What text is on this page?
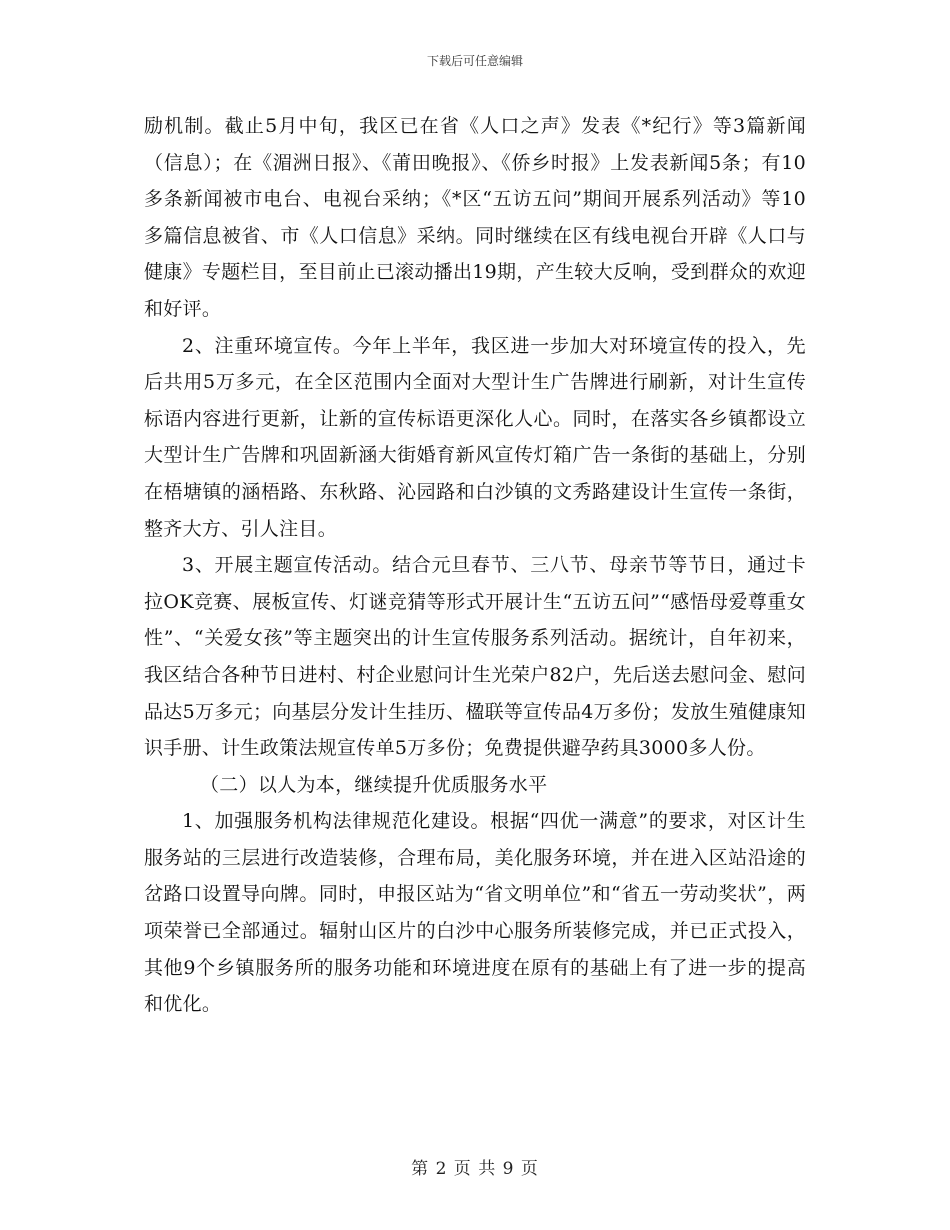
下载后可任意编辑

励机制。截止5月中旬，我区已在省《人口之声》发表《*纪行》等3篇新闻（信息）；在《湄洲日报》、《莆田晚报》、《侨乡时报》上发表新闻5条；有10多条新闻被市电台、电视台采纳；《*区“五访五问”期间开展系列活动》等10多篇信息被省、市《人口信息》采纳。同时继续在区有线电视台开辟《人口与健康》专题栏目，至目前止已滚动播出19期，产生较大反响，受到群众的欢迎和好评。

2、注重环境宣传。今年上半年，我区进一步加大对环境宣传的投入，先后共用5万多元，在全区范围内全面对大型计生广告牌进行刷新，对计生宣传标语内容进行更新，让新的宣传标语更深化人心。同时，在落实各乡镇都设立大型计生广告牌和巩固新涵大街婚育新风宣传灯箱广告一条街的基础上，分别在梧塘镇的涵梧路、东秋路、沁园路和白沙镇的文秀路建设计生宣传一条街，整齐大方、引人注目。

3、开展主题宣传活动。结合元旦春节、三八节、母亲节等节日，通过卡拉OK竞赛、展板宣传、灯谜竞猜等形式开展计生“五访五问”“感悟母爱尊重女性”、“关爱女孩”等主题突出的计生宣传服务系列活动。据统计，自年初来，我区结合各种节日进村、村企业慰问计生光荣户82户，先后送去慰问金、慰问品达5万多元；向基层分发计生挂历、楹联等宣传品4万多份；发放生殖健康知识手册、计生政策法规宣传单5万多份；免费提供避孕药具3000多人份。

（二）以人为本，继续提升优质服务水平

1、加强服务机构法律规范化建设。根据“四优一满意”的要求，对区计生服务站的三层进行改造装修，合理布局，美化服务环境，并在进入区站沿途的岔路口设置导向牌。同时，申报区站为“省文明单位”和“省五一劳动奖状”，两项荣誉已全部通过。辐射山区片的白沙中心服务所装修完成，并已正式投入，其他9个乡镇服务所的服务功能和环境进度在原有的基础上有了进一步的提高和优化。

第 2 页 共 9 页
